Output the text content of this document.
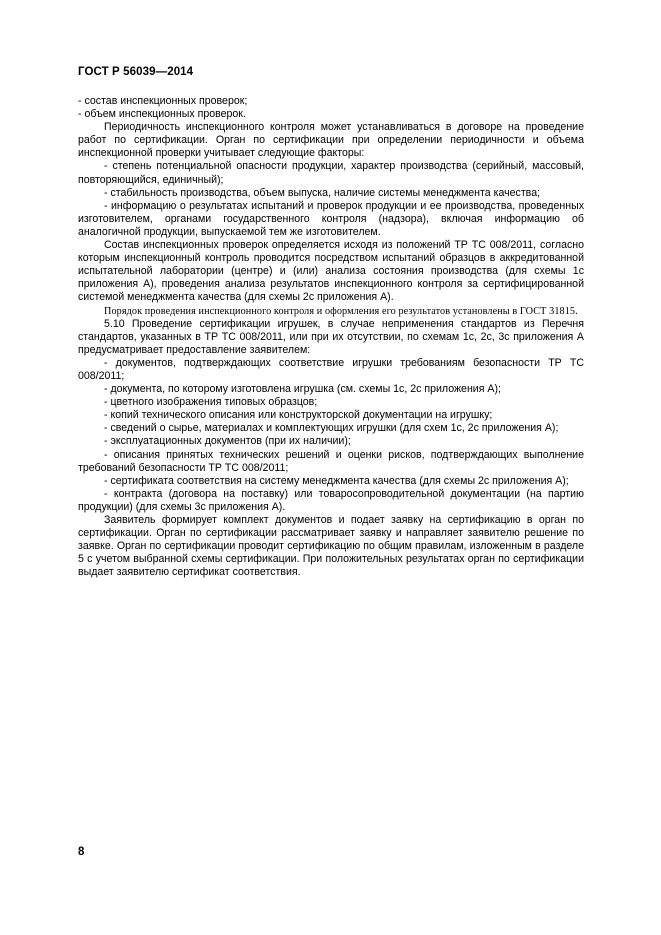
ГОСТ Р 56039—2014

- состав инспекционных проверок;

- объем инспекционных проверок.

Периодичность инспекционного контроля может устанавливаться в договоре на проведение работ по сертификации. Орган по сертификации при определении периодичности и объема инспекционной проверки учитывает следующие факторы:

- степень потенциальной опасности продукции, характер производства (серийный, массовый, повторяющийся, единичный);

- стабильность производства, объем выпуска, наличие системы менеджмента качества;

- информацию о результатах испытаний и проверок продукции и ее производства, проведенных изготовителем, органами государственного контроля (надзора), включая информацию об аналогичной продукции, выпускаемой тем же изготовителем.

Состав инспекционных проверок определяется исходя из положений ТР ТС 008/2011, согласно которым инспекционный контроль проводится посредством испытаний образцов в аккредитованной испытательной лаборатории (центре) и (или) анализа состояния производства (для схемы 1с приложения А), проведения анализа результатов инспекционного контроля за сертифицированной системой менеджмента качества (для схемы 2с приложения А).

Порядок проведения инспекционного контроля и оформления его результатов установлены в ГОСТ 31815.

5.10 Проведение сертификации игрушек, в случае неприменения стандартов из Перечня стандартов, указанных в ТР ТС 008/2011, или при их отсутствии, по схемам 1с, 2с, 3с приложения А предусматривает предоставление заявителем:

- документов, подтверждающих соответствие игрушки требованиям безопасности ТР ТС 008/2011;

- документа, по которому изготовлена игрушка (см. схемы 1с, 2с приложения А);

- цветного изображения типовых образцов;

- копий технического описания или конструкторской документации на игрушку;

- сведений о сырье, материалах и комплектующих игрушки (для схем 1с, 2с приложения А);

- эксплуатационных документов (при их наличии);

- описания принятых технических решений и оценки рисков, подтверждающих выполнение требований безопасности ТР ТС 008/2011;

- сертификата соответствия на систему менеджмента качества (для схемы 2с приложения А);

- контракта (договора на поставку) или товаросопроводительной документации (на партию продукции) (для схемы 3с приложения А).

Заявитель формирует комплект документов и подает заявку на сертификацию в орган по сертификации. Орган по сертификации рассматривает заявку и направляет заявителю решение по заявке. Орган по сертификации проводит сертификацию по общим правилам, изложенным в разделе 5 с учетом выбранной схемы сертификации. При положительных результатах орган по сертификации выдает заявителю сертификат соответствия.

8
